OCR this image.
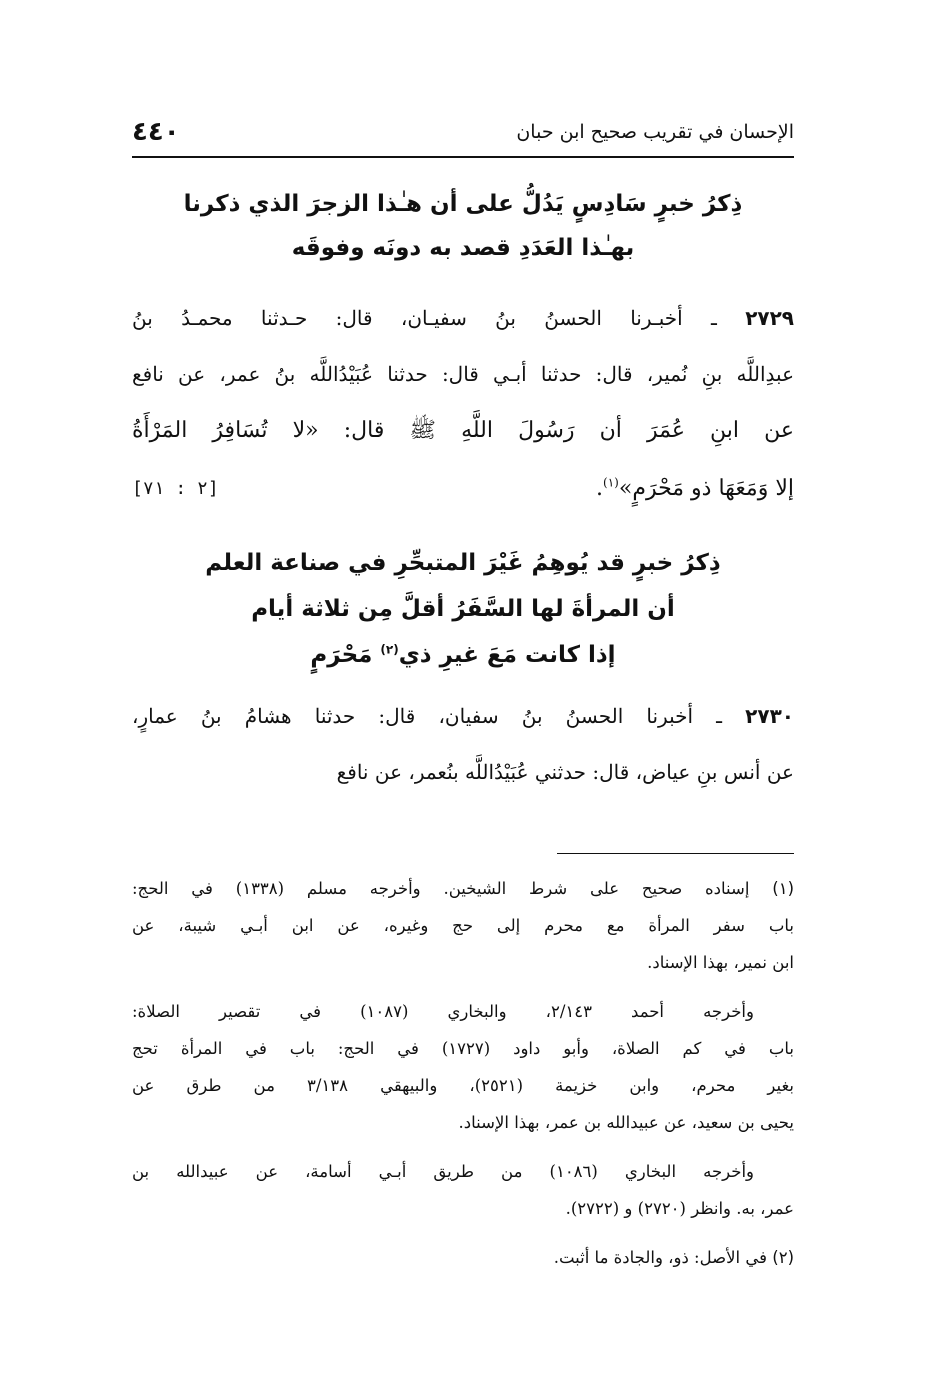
الإحسان في تقريب صحيح ابن حبان
٤٤٠
ذِكرُ خبرٍ سَادِسٍ يَدُلُّ على أن هـٰذا الزجرَ الذي ذكرنا
بهـٰذا العَدَدِ قصد به دونَه وفوقَه
٢٧٢٩ ـ أخبـرنا الحسنُ بنُ سفيـان، قال: حـدثنا محمـدُ بنُ
عبدِاللَّه بنِ نُمير، قال: حدثنا أبـي قال: حدثنا عُبَيْدُاللَّه بنُ عمر، عن نافع
عن ابنِ عُمَرَ أن رَسُولَ اللَّهِ ﷺ قال: «لا تُسَافِرُ المَرْأَةُ
إلا وَمَعَهَا ذو مَحْرَمٍ»$^{(١)}$.
[٢ : ٧١]
ذِكرُ خبرٍ قد يُوهِمُ غَيْرَ المتبحِّرِ في صناعة العلم
أن المرأةَ لها السَّفَرُ أقلَّ مِن ثلاثة أيام
إذا كانت مَعَ غيرِ ذي$^{(٢)}$ مَحْرَمٍ
٢٧٣٠ ـ أخبرنا الحسنُ بنُ سفيان، قال: حدثنا هشامُ بنُ عمارٍ،
عن أنس بنِ عياض، قال: حدثني عُبَيْدُاللَّه بنُعمر، عن نافع
(١) إسناده صحيح على شرط الشيخين. وأخرجه مسلم (١٣٣٨) في الحج:
باب سفر المرأة مع محرم إلى حج وغيره، عن ابن أبـي شيبة، عن
ابن نمير، بهذا الإسناد.
وأخرجه أحمد ٢/١٤٣، والبخاري (١٠٨٧) في تقصير الصلاة:
باب في كم الصلاة، وأبو داود (١٧٢٧) في الحج: باب في المرأة تحج
بغير محرم، وابن خزيمة (٢٥٢١)، والبيهقي ٣/١٣٨ من طرق عن
يحيى بن سعيد، عن عبيدالله بن عمر، بهذا الإسناد.
وأخرجه البخاري (١٠٨٦) من طريق أبـي أسامة، عن عبيدالله بن
عمر، به. وانظر (٢٧٢٠) و (٢٧٢٢).
(٢) في الأصل: ذو، والجادة ما أثبت.
